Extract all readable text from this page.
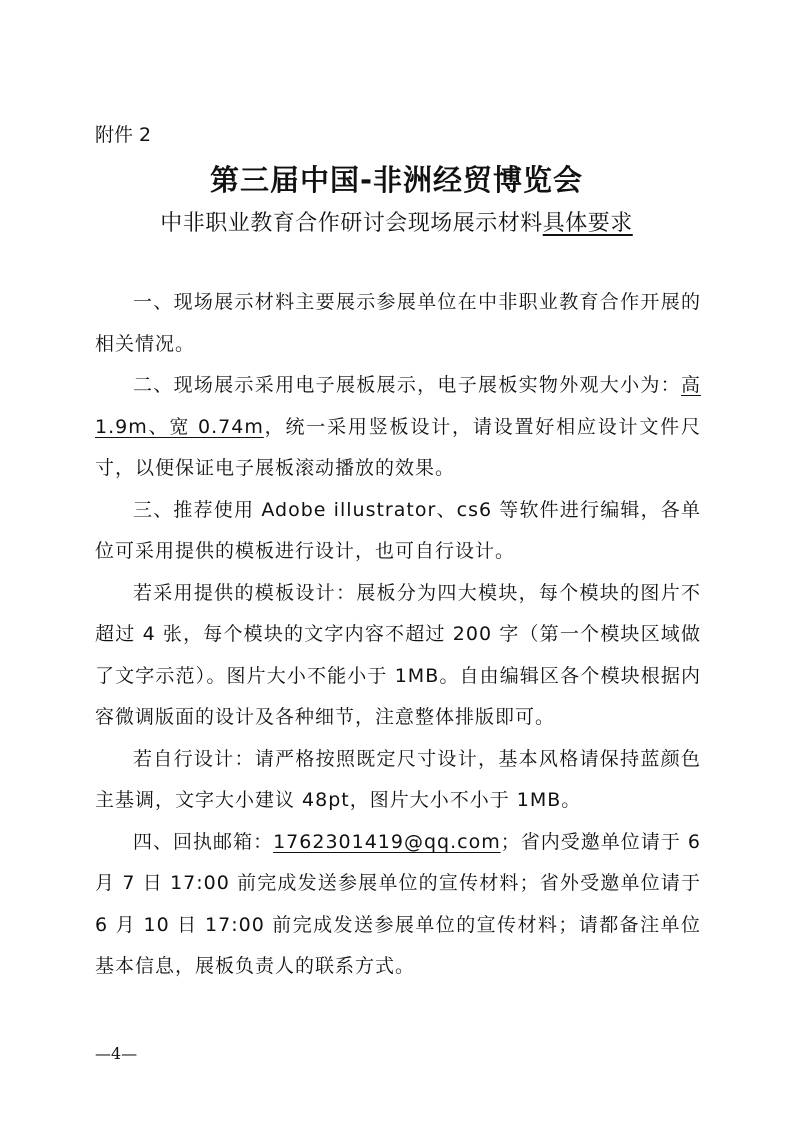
附件 2
第三届中国-非洲经贸博览会
中非职业教育合作研讨会现场展示材料具体要求

一、现场展示材料主要展示参展单位在中非职业教育合作开展的相关情况。

二、现场展示采用电子展板展示，电子展板实物外观大小为：高 1.9m、宽 0.74m，统一采用竖板设计，请设置好相应设计文件尺寸，以便保证电子展板滚动播放的效果。

三、推荐使用 Adobe illustrator、cs6 等软件进行编辑，各单位可采用提供的模板进行设计，也可自行设计。

若采用提供的模板设计：展板分为四大模块，每个模块的图片不超过 4 张，每个模块的文字内容不超过 200 字（第一个模块区域做了文字示范）。图片大小不能小于 1MB。自由编辑区各个模块根据内容微调版面的设计及各种细节，注意整体排版即可。

若自行设计：请严格按照既定尺寸设计，基本风格请保持蓝颜色主基调，文字大小建议 48pt，图片大小不小于 1MB。

四、回执邮箱：1762301419@qq.com；省内受邀单位请于 6 月 7 日 17:00 前完成发送参展单位的宣传材料；省外受邀单位请于 6 月 10 日 17:00 前完成发送参展单位的宣传材料；请都备注单位基本信息，展板负责人的联系方式。

—4—
